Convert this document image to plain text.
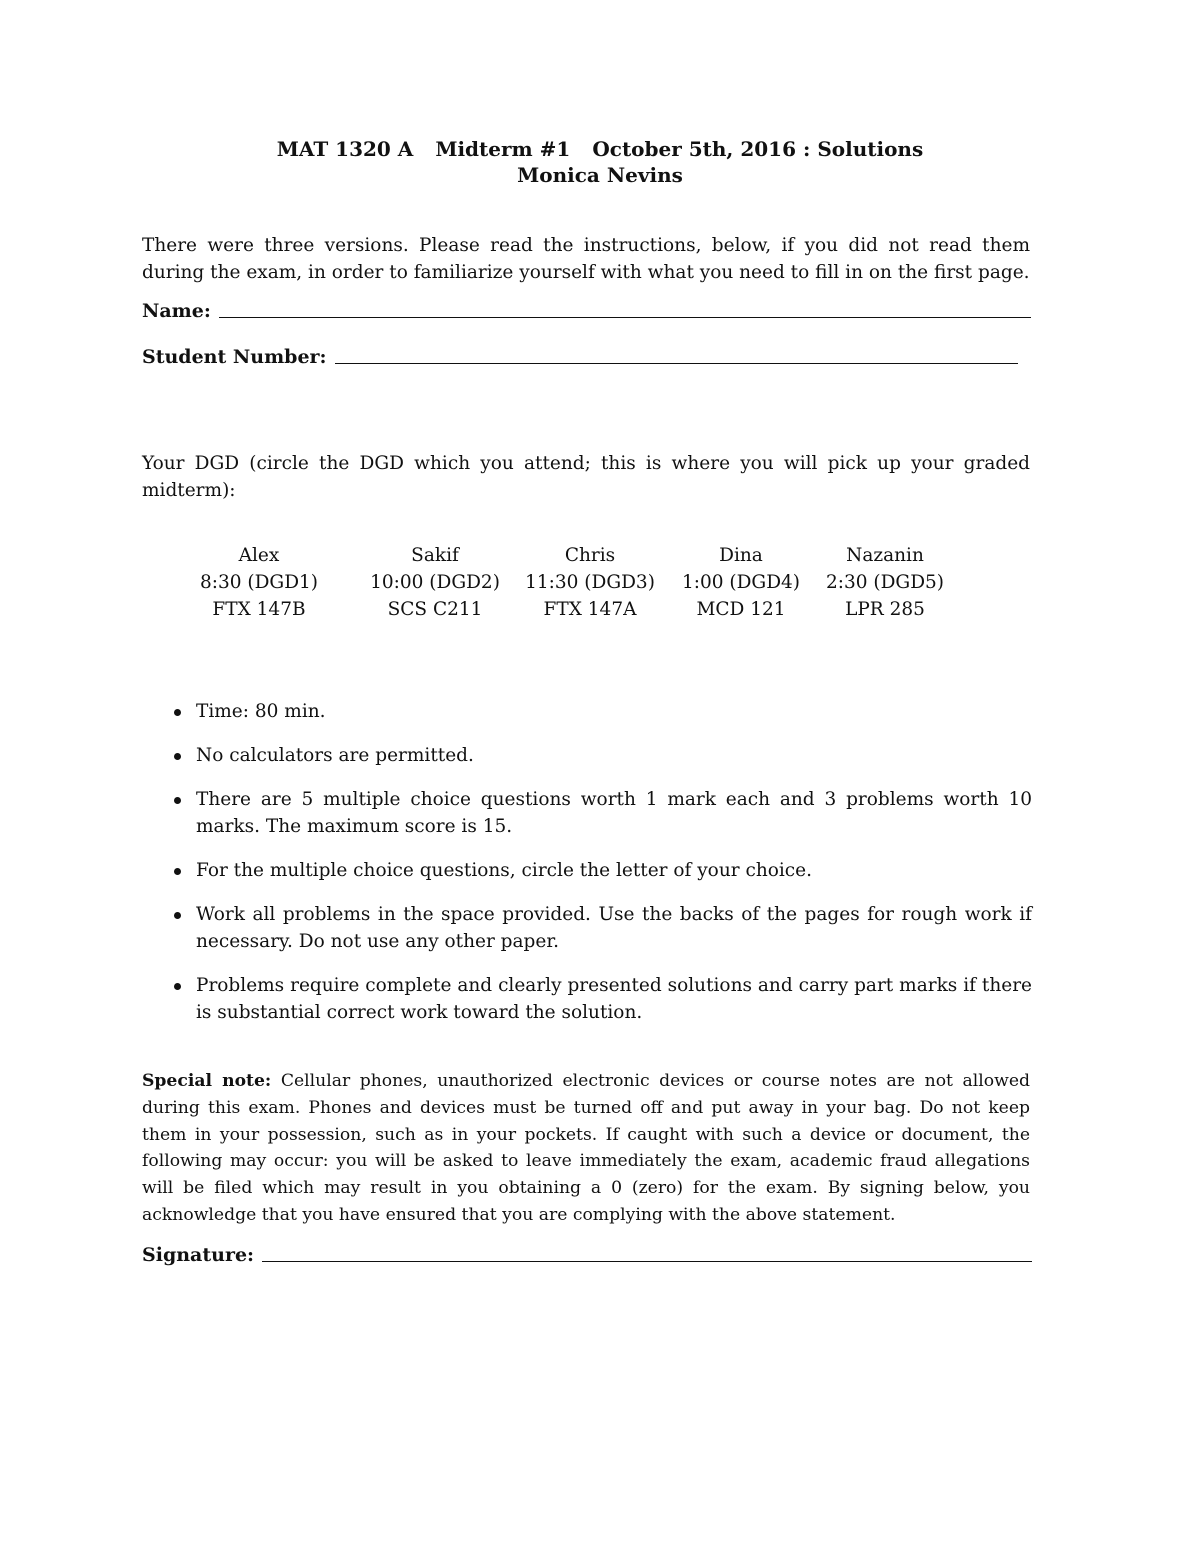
MAT 1320 A Midterm #1 October 5th, 2016 : Solutions
Monica Nevins
There were three versions. Please read the instructions, below, if you did not read them during the exam, in order to familiarize yourself with what you need to fill in on the first page.
Name:
Student Number:
Your DGD (circle the DGD which you attend; this is where you will pick up your graded midterm):
Alex
8:30 (DGD1)
FTX 147B
Sakif
10:00 (DGD2)
SCS C211
Chris
11:30 (DGD3)
FTX 147A
Dina
1:00 (DGD4)
MCD 121
Nazanin
2:30 (DGD5)
LPR 285
Time: 80 min.
No calculators are permitted.
There are 5 multiple choice questions worth 1 mark each and 3 problems worth 10 marks. The maximum score is 15.
For the multiple choice questions, circle the letter of your choice.
Work all problems in the space provided. Use the backs of the pages for rough work if necessary. Do not use any other paper.
Problems require complete and clearly presented solutions and carry part marks if there is substantial correct work toward the solution.
Special note: Cellular phones, unauthorized electronic devices or course notes are not allowed during this exam. Phones and devices must be turned off and put away in your bag. Do not keep them in your possession, such as in your pockets. If caught with such a device or document, the following may occur: you will be asked to leave immediately the exam, academic fraud allegations will be filed which may result in you obtaining a 0 (zero) for the exam. By signing below, you acknowledge that you have ensured that you are complying with the above statement.
Signature:
